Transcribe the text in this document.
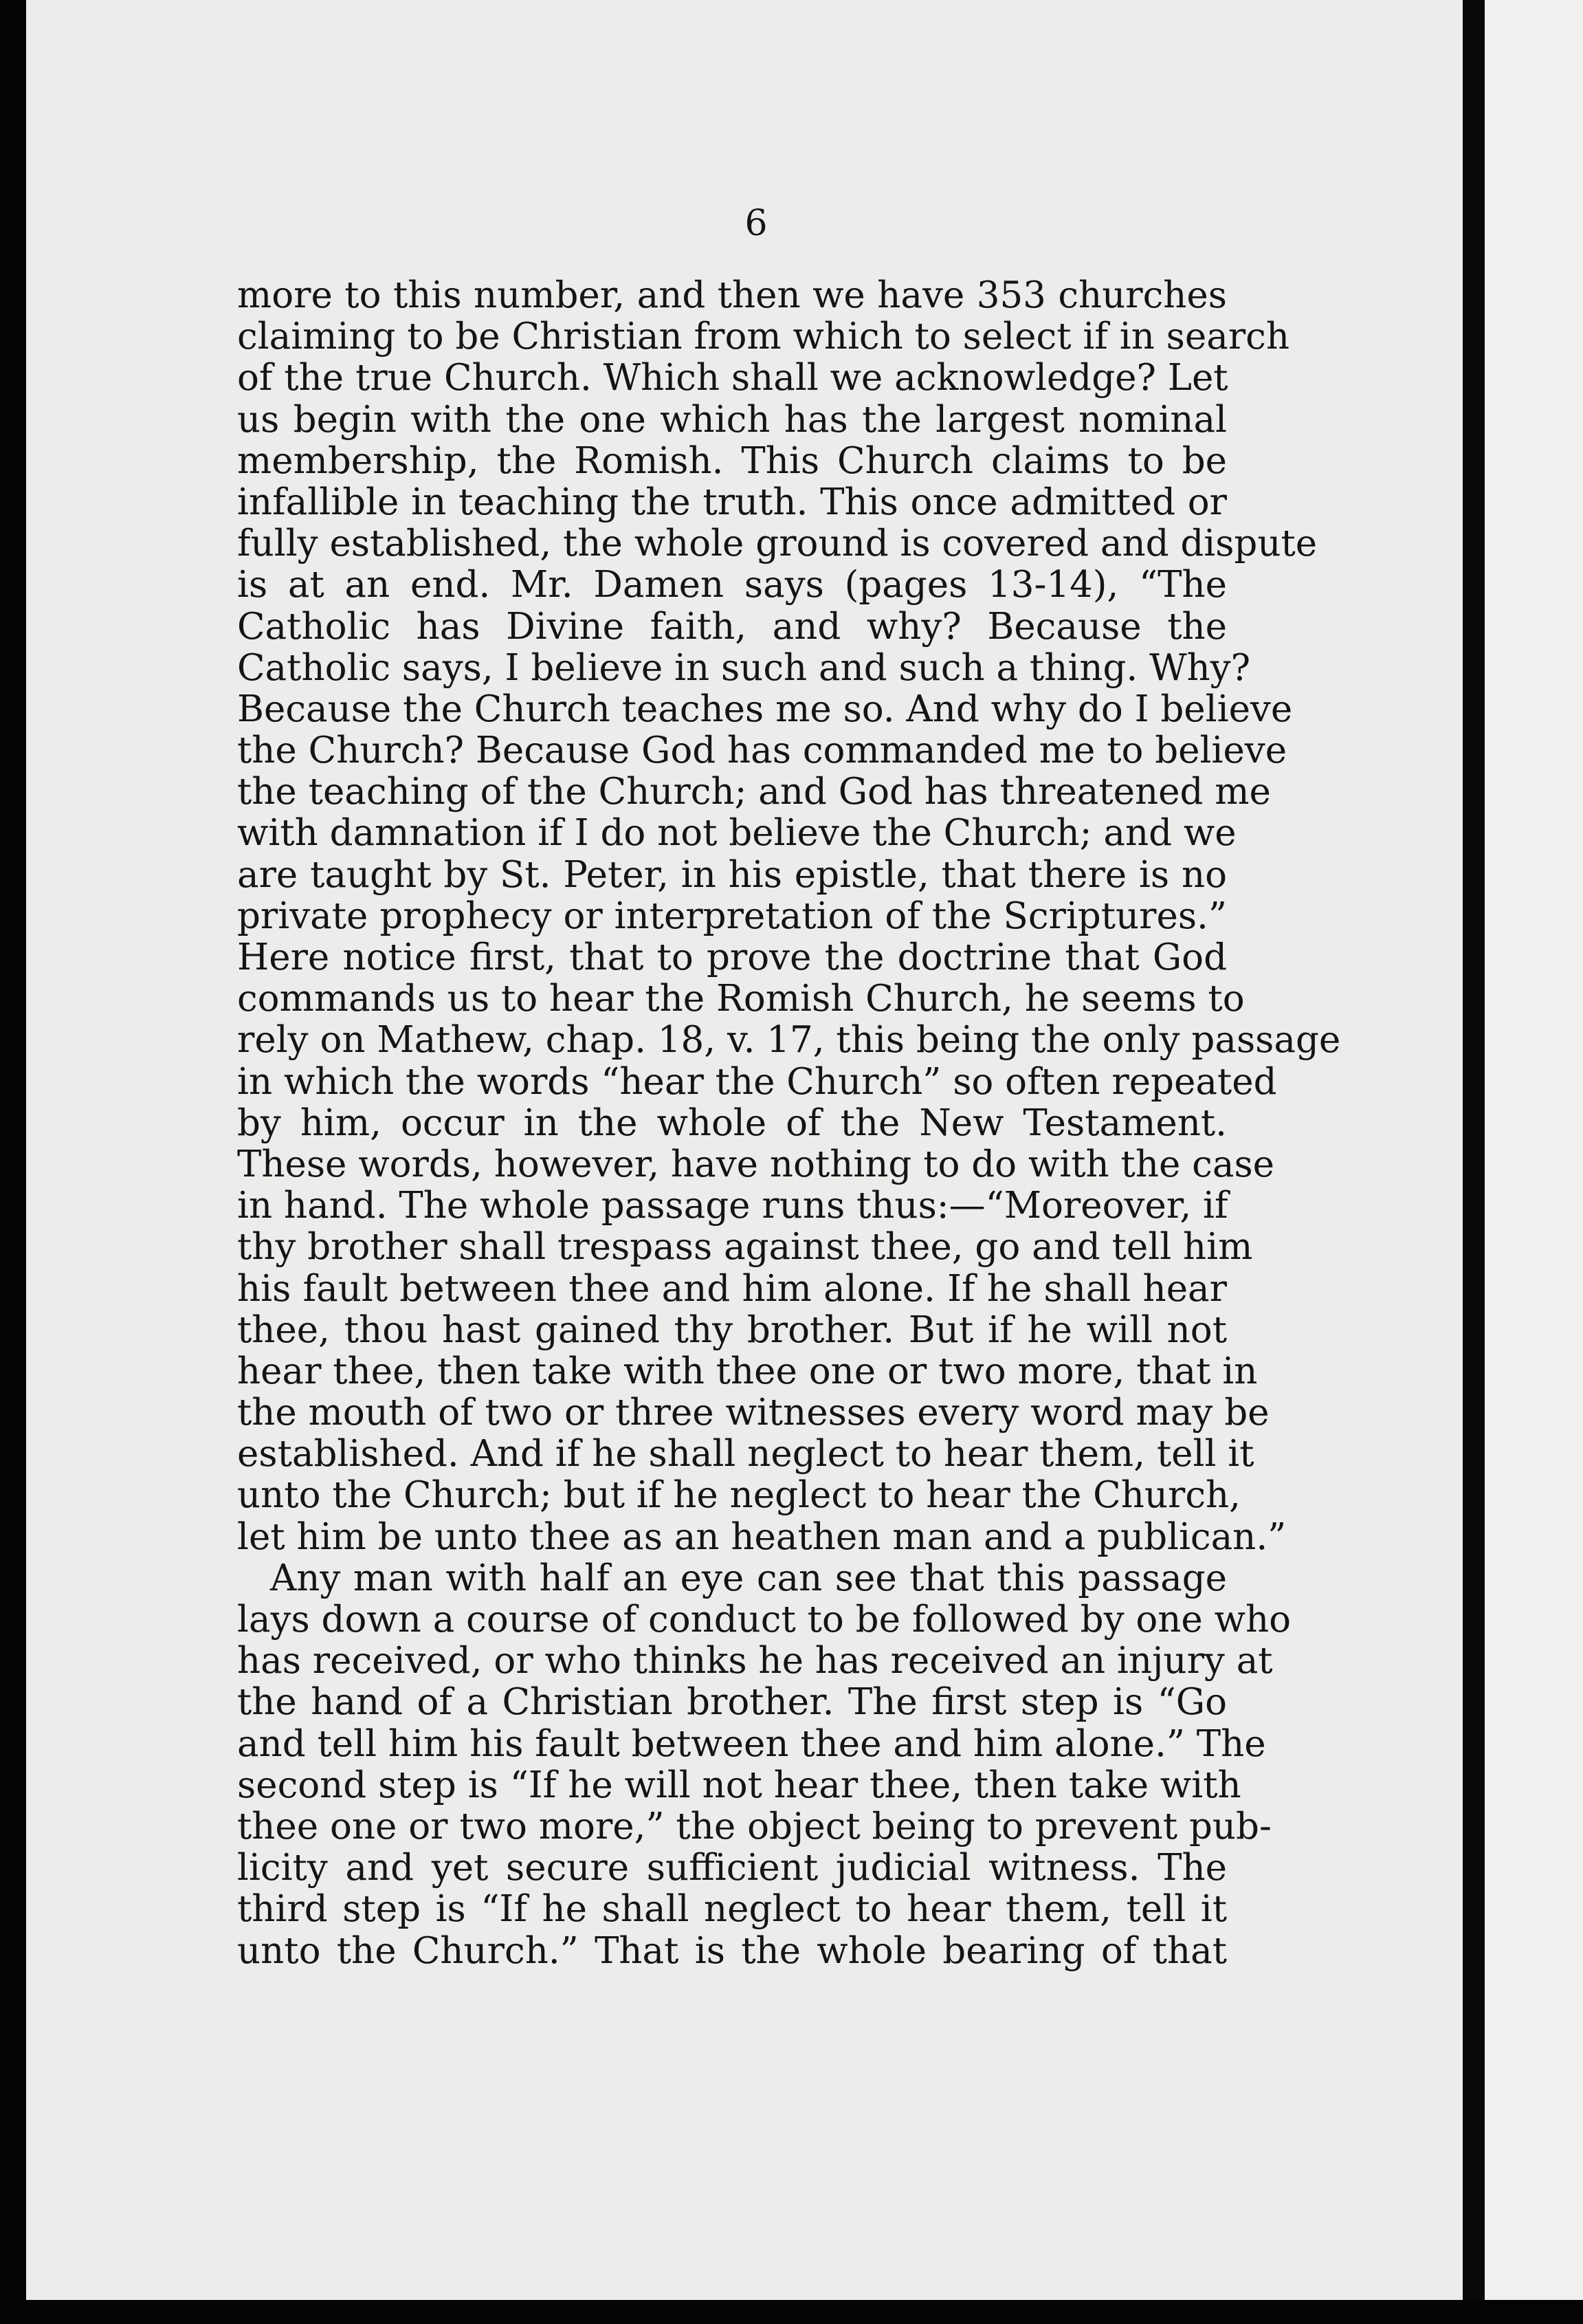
6
more to this number, and then we have 353 churches
claiming to be Christian from which to select if in search
of the true Church. Which shall we acknowledge? Let
us begin with the one which has the largest nominal
membership, the Romish. This Church claims to be
infallible in teaching the truth. This once admitted or
fully established, the whole ground is covered and dispute
is at an end. Mr. Damen says (pages 13-14), “The
Catholic has Divine faith, and why? Because the
Catholic says, I believe in such and such a thing. Why?
Because the Church teaches me so. And why do I believe
the Church? Because God has commanded me to believe
the teaching of the Church; and God has threatened me
with damnation if I do not believe the Church; and we
are taught by St. Peter, in his epistle, that there is no
private prophecy or interpretation of the Scriptures.”
Here notice first, that to prove the doctrine that God
commands us to hear the Romish Church, he seems to
rely on Mathew, chap. 18, v. 17, this being the only passage
in which the words “hear the Church” so often repeated
by him, occur in the whole of the New Testament.
These words, however, have nothing to do with the case
in hand. The whole passage runs thus:—“Moreover, if
thy brother shall trespass against thee, go and tell him
his fault between thee and him alone. If he shall hear
thee, thou hast gained thy brother. But if he will not
hear thee, then take with thee one or two more, that in
the mouth of two or three witnesses every word may be
established. And if he shall neglect to hear them, tell it
unto the Church; but if he neglect to hear the Church,
let him be unto thee as an heathen man and a publican.”
Any man with half an eye can see that this passage
lays down a course of conduct to be followed by one who
has received, or who thinks he has received an injury at
the hand of a Christian brother. The first step is “Go
and tell him his fault between thee and him alone.” The
second step is “If he will not hear thee, then take with
thee one or two more,” the object being to prevent pub-
licity and yet secure sufficient judicial witness. The
third step is “If he shall neglect to hear them, tell it
unto the Church.” That is the whole bearing of that
